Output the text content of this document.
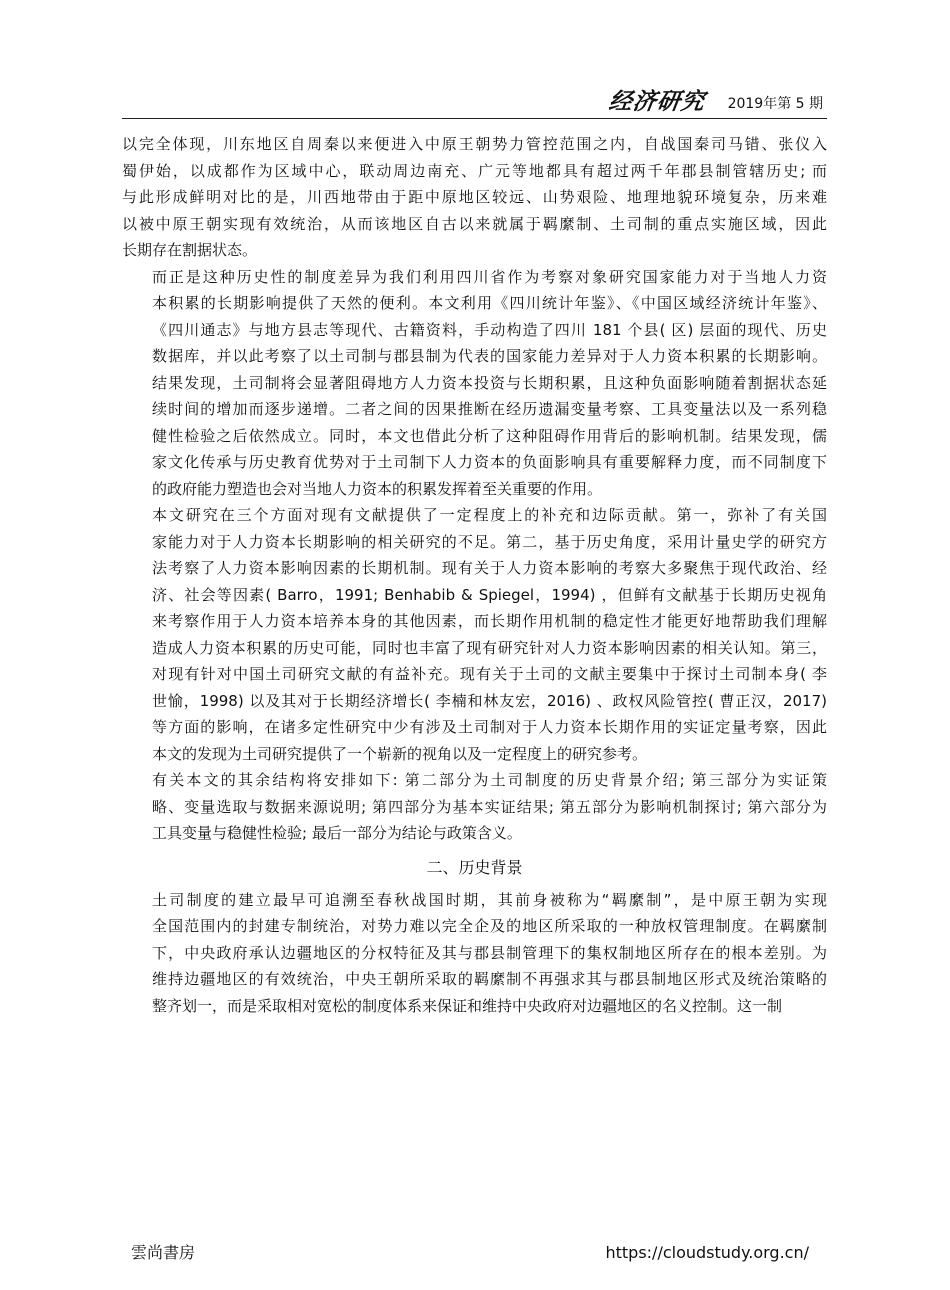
经济研究 2019年第 5 期
以完全体现，川东地区自周秦以来便进入中原王朝势力管控范围之内，自战国秦司马错、张仪入
蜀伊始，以成都作为区域中心，联动周边南充、广元等地都具有超过两千年郡县制管辖历史; 而
与此形成鲜明对比的是，川西地带由于距中原地区较远、山势艰险、地理地貌环境复杂，历来难
以被中原王朝实现有效统治，从而该地区自古以来就属于羁縻制、土司制的重点实施区域，因此
长期存在割据状态。
而正是这种历史性的制度差异为我们利用四川省作为考察对象研究国家能力对于当地人力资
本积累的长期影响提供了天然的便利。本文利用《四川统计年鉴》、《中国区域经济统计年鉴》、
《四川通志》与地方县志等现代、古籍资料，手动构造了四川 181 个县( 区) 层面的现代、历史
数据库，并以此考察了以土司制与郡县制为代表的国家能力差异对于人力资本积累的长期影响。
结果发现，土司制将会显著阻碍地方人力资本投资与长期积累，且这种负面影响随着割据状态延
续时间的增加而逐步递增。二者之间的因果推断在经历遗漏变量考察、工具变量法以及一系列稳
健性检验之后依然成立。同时，本文也借此分析了这种阻碍作用背后的影响机制。结果发现，儒
家文化传承与历史教育优势对于土司制下人力资本的负面影响具有重要解释力度，而不同制度下
的政府能力塑造也会对当地人力资本的积累发挥着至关重要的作用。
本文研究在三个方面对现有文献提供了一定程度上的补充和边际贡献。第一，弥补了有关国
家能力对于人力资本长期影响的相关研究的不足。第二，基于历史角度，采用计量史学的研究方
法考察了人力资本影响因素的长期机制。现有关于人力资本影响的考察大多聚焦于现代政治、经
济、社会等因素( Barro，1991; Benhabib & Spiegel，1994) ，但鲜有文献基于长期历史视角
来考察作用于人力资本培养本身的其他因素，而长期作用机制的稳定性才能更好地帮助我们理解
造成人力资本积累的历史可能，同时也丰富了现有研究针对人力资本影响因素的相关认知。第三，
对现有针对中国土司研究文献的有益补充。现有关于土司的文献主要集中于探讨土司制本身( 李
世愉，1998) 以及其对于长期经济增长( 李楠和林友宏，2016) 、政权风险管控( 曹正汉，2017)
等方面的影响，在诸多定性研究中少有涉及土司制对于人力资本长期作用的实证定量考察，因此
本文的发现为土司研究提供了一个崭新的视角以及一定程度上的研究参考。
有关本文的其余结构将安排如下: 第二部分为土司制度的历史背景介绍; 第三部分为实证策
略、变量选取与数据来源说明; 第四部分为基本实证结果; 第五部分为影响机制探讨; 第六部分为
工具变量与稳健性检验; 最后一部分为结论与政策含义。
二、历史背景
土司制度的建立最早可追溯至春秋战国时期，其前身被称为“羁縻制”，是中原王朝为实现
全国范围内的封建专制统治，对势力难以完全企及的地区所采取的一种放权管理制度。在羁縻制
下，中央政府承认边疆地区的分权特征及其与郡县制管理下的集权制地区所存在的根本差别。为
维持边疆地区的有效统治，中央王朝所采取的羁縻制不再强求其与郡县制地区形式及统治策略的
整齐划一，而是采取相对宽松的制度体系来保证和维持中央政府对边疆地区的名义控制。这一制
雲尚書房	https://cloudstudy.org.cn/
